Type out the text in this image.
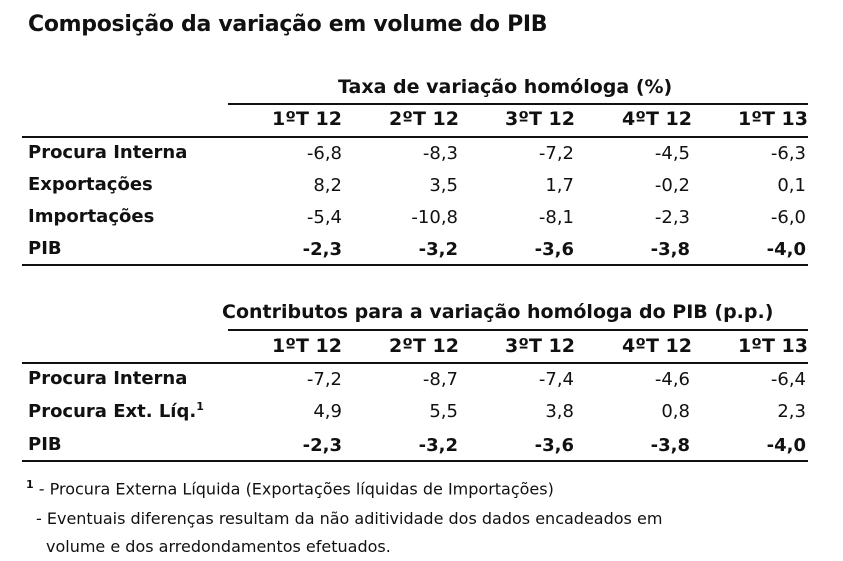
Composição da variação em volume do PIB
Taxa de variação homóloga (%)
1ºT 12	2ºT 12	3ºT 12	4ºT 12	1ºT 13
Procura Interna	-6,8	-8,3	-7,2	-4,5	-6,3
Exportações	8,2	3,5	1,7	-0,2	0,1
Importações	-5,4	-10,8	-8,1	-2,3	-6,0
PIB	-2,3	-3,2	-3,6	-3,8	-4,0
Contributos para a variação homóloga do PIB (p.p.)
1ºT 12	2ºT 12	3ºT 12	4ºT 12	1ºT 13
Procura Interna	-7,2	-8,7	-7,4	-4,6	-6,4
Procura Ext. Líq.$^1$	4,9	5,5	3,8	0,8	2,3
PIB	-2,3	-3,2	-3,6	-3,8	-4,0
$^1$ - Procura Externa Líquida (Exportações líquidas de Importações)
- Eventuais diferenças resultam da não aditividade dos dados encadeados em
volume e dos arredondamentos efetuados.
